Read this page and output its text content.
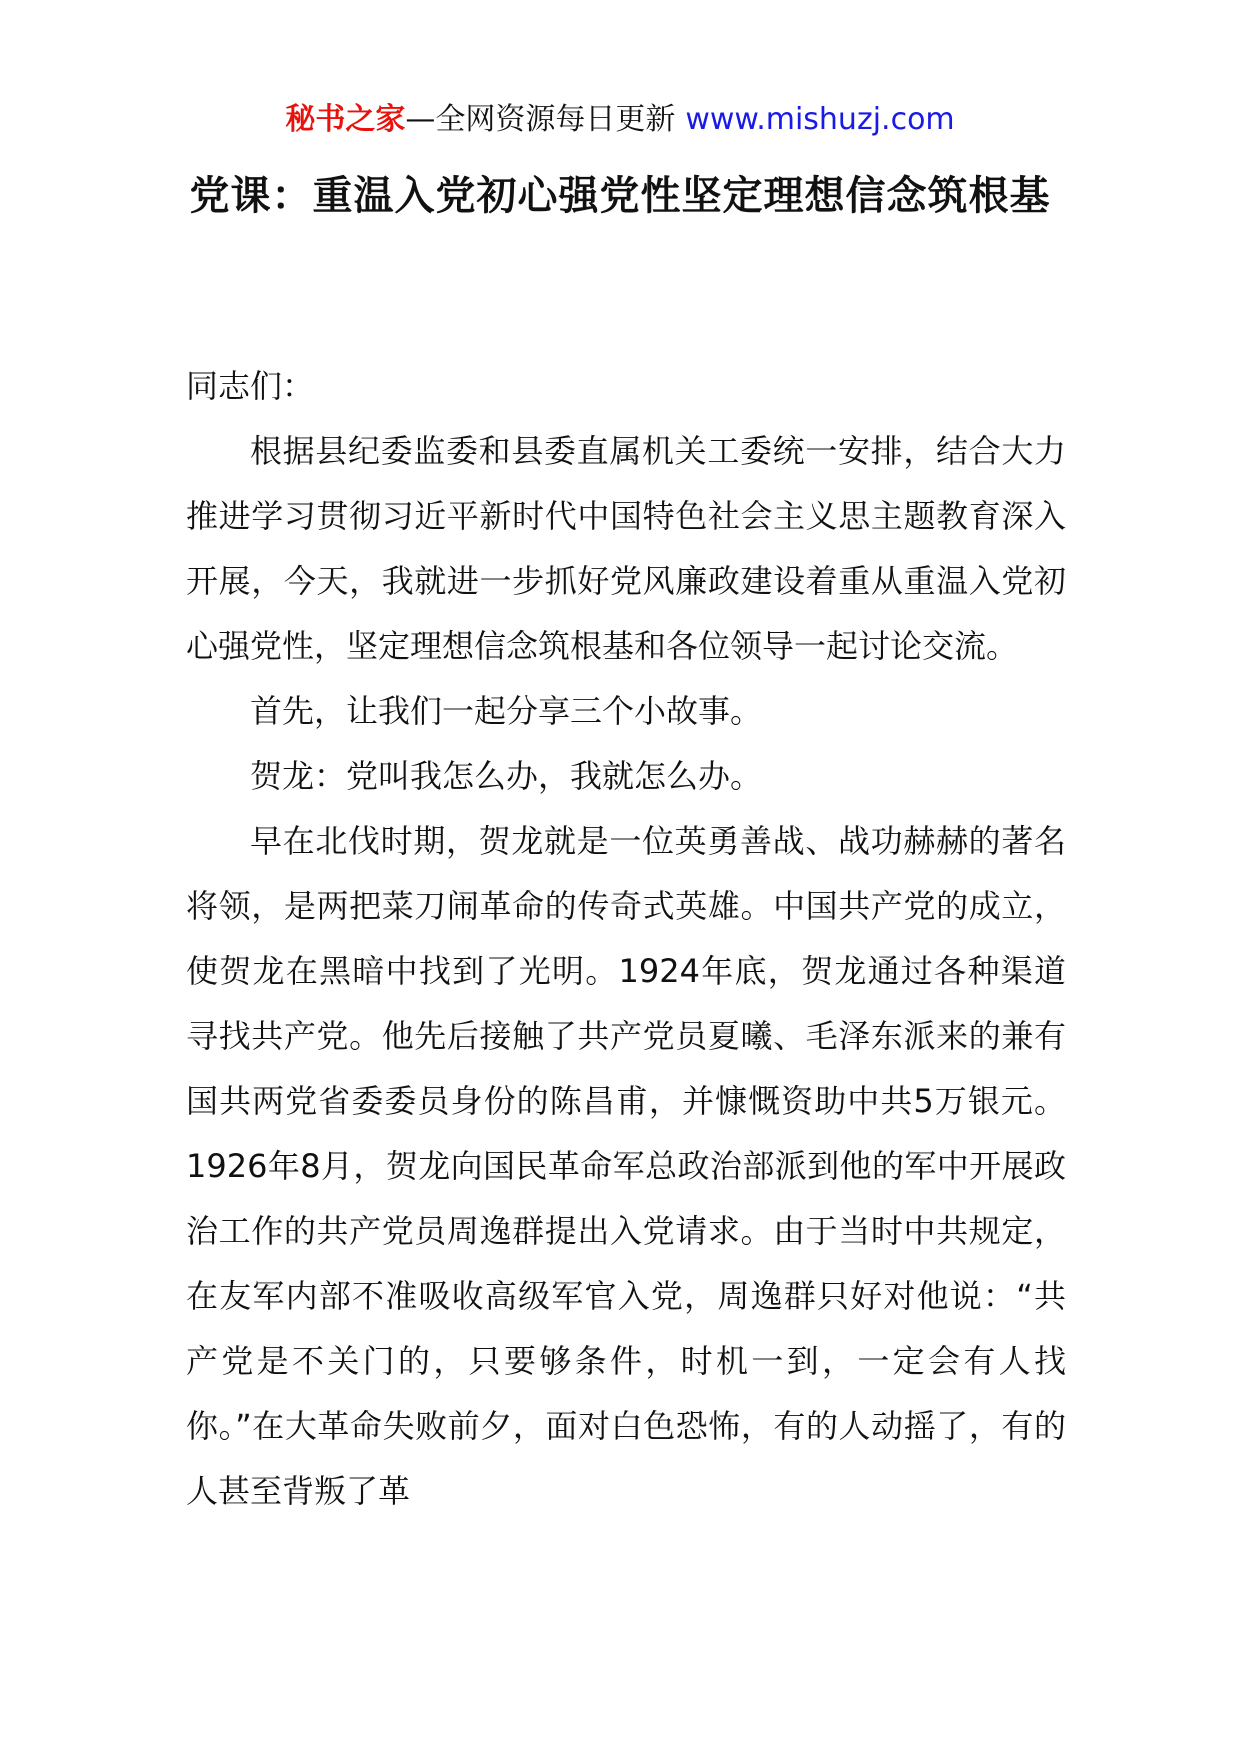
秘书之家—全网资源每日更新 www.mishuzj.com
党课：重温入党初心强党性坚定理想信念筑根基

同志们：

根据县纪委监委和县委直属机关工委统一安排，结合大力推进学习贯彻习近平新时代中国特色社会主义思主题教育深入开展，今天，我就进一步抓好党风廉政建设着重从重温入党初心强党性，坚定理想信念筑根基和各位领导一起讨论交流。

首先，让我们一起分享三个小故事。

贺龙：党叫我怎么办，我就怎么办。

早在北伐时期，贺龙就是一位英勇善战、战功赫赫的著名将领，是两把菜刀闹革命的传奇式英雄。中国共产党的成立，使贺龙在黑暗中找到了光明。1924年底，贺龙通过各种渠道寻找共产党。他先后接触了共产党员夏曦、毛泽东派来的兼有国共两党省委委员身份的陈昌甫，并慷慨资助中共5万银元。1926年8月，贺龙向国民革命军总政治部派到他的军中开展政治工作的共产党员周逸群提出入党请求。由于当时中共规定，在友军内部不准吸收高级军官入党，周逸群只好对他说：“共产党是不关门的，只要够条件，时机一到，一定会有人找你。”在大革命失败前夕，面对白色恐怖，有的人动摇了，有的人甚至背叛了革
